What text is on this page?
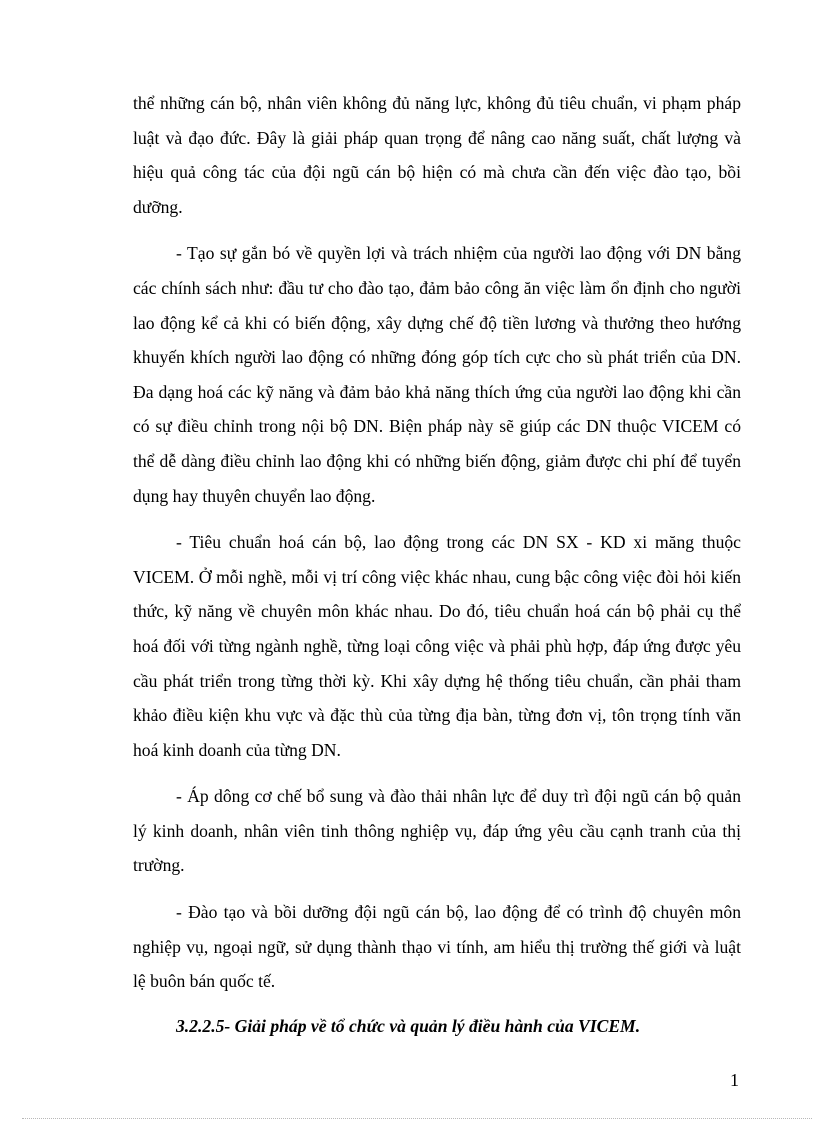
thể những cán bộ, nhân viên không đủ năng lực, không đủ tiêu chuẩn, vi phạm pháp luật và đạo đức. Đây là giải pháp quan trọng để nâng cao năng suất, chất lượng và hiệu quả công tác của đội ngũ cán bộ hiện có mà chưa cần đến việc đào tạo, bồi dưỡng.

- Tạo sự gắn bó về quyền lợi và trách nhiệm của người lao động với DN bằng các chính sách như: đầu tư cho đào tạo, đảm bảo công ăn việc làm ổn định cho người lao động kể cả khi có biến động, xây dựng chế độ tiền lương và thưởng theo hướng khuyến khích người lao động có những đóng góp tích cực cho sù phát triển của DN. Đa dạng hoá các kỹ năng và đảm bảo khả năng thích ứng của người lao động khi cần có sự điều chỉnh trong nội bộ DN. Biện pháp này sẽ giúp các DN thuộc VICEM có thể dễ dàng điều chỉnh lao động khi có những biến động, giảm được chi phí để tuyển dụng hay thuyên chuyển lao động.

- Tiêu chuẩn hoá cán bộ, lao động trong các DN SX - KD xi măng thuộc VICEM. Ở mỗi nghề, mỗi vị trí công việc khác nhau, cung bậc công việc đòi hỏi kiến thức, kỹ năng về chuyên môn khác nhau. Do đó, tiêu chuẩn hoá cán bộ phải cụ thể hoá đối với từng ngành nghề, từng loại công việc và phải phù hợp, đáp ứng được yêu cầu phát triển trong từng thời kỳ. Khi xây dựng hệ thống tiêu chuẩn, cần phải tham khảo điều kiện khu vực và đặc thù của từng địa bàn, từng đơn vị, tôn trọng tính văn hoá kinh doanh của từng DN.

- Áp dông cơ chế bổ sung và đào thải nhân lực để duy trì đội ngũ cán bộ quản lý kinh doanh, nhân viên tinh thông nghiệp vụ, đáp ứng yêu cầu cạnh tranh của thị trường.

- Đào tạo và bồi dưỡng đội ngũ cán bộ, lao động để có trình độ chuyên môn nghiệp vụ, ngoại ngữ, sử dụng thành thạo vi tính, am hiểu thị trường thế giới và luật lệ buôn bán quốc tế.

3.2.2.5- Giải pháp về tổ chức và quản lý điều hành của VICEM.

1
